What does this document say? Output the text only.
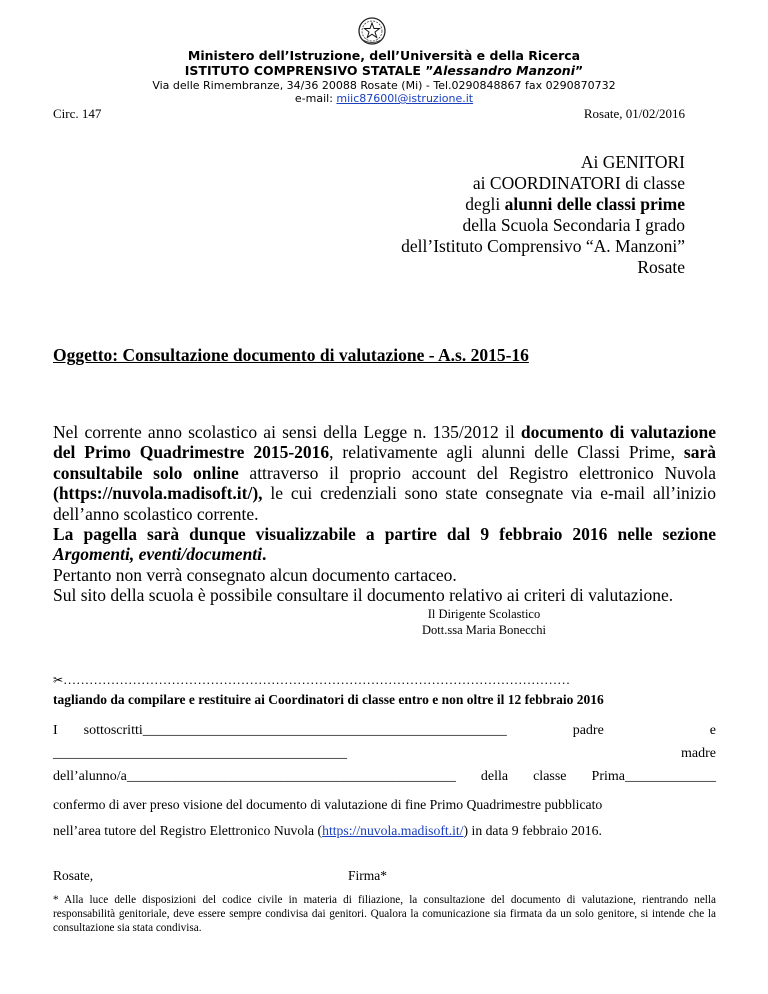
Ministero dell’Istruzione, dell’Università e della Ricerca
ISTITUTO COMPRENSIVO STATALE ”Alessandro Manzoni”
Via delle Rimembranze, 34/36 20088 Rosate (Mi) - Tel.0290848867 fax 0290870732
e-mail: miic87600l@istruzione.it
Circ. 147	Rosate, 01/02/2016
Ai GENITORI
ai COORDINATORI di classe
degli alunni delle classi prime
della Scuola Secondaria I grado
dell’Istituto Comprensivo “A. Manzoni”
Rosate
Oggetto: Consultazione documento di valutazione - A.s. 2015-16
Nel corrente anno scolastico ai sensi della Legge n. 135/2012 il documento di valutazione del Primo Quadrimestre 2015-2016, relativamente agli alunni delle Classi Prime, sarà consultabile solo online attraverso il proprio account del Registro elettronico Nuvola (https://nuvola.madisoft.it/), le cui credenziali sono state consegnate via e-mail all’inizio dell’anno scolastico corrente.
La pagella sarà dunque visualizzabile a partire dal 9 febbraio 2016 nelle sezione Argomenti, eventi/documenti.
Pertanto non verrà consegnato alcun documento cartaceo.
Sul sito della scuola è possibile consultare il documento relativo ai criteri di valutazione.
Il Dirigente Scolastico
Dott.ssa Maria Bonecchi
✂………………………………………………………………………………………………………
tagliando da compilare e restituire ai Coordinatori di classe entro e non oltre il 12 febbraio 2016
I sottoscritti____________________________________________________	padre	e
__________________________________________	madre
dell’alunno/a_______________________________________________ della classe Prima_____________
confermo di aver preso visione del documento di valutazione di fine Primo Quadrimestre pubblicato
nell’area tutore del Registro Elettronico Nuvola (https://nuvola.madisoft.it/) in data 9 febbraio 2016.
Rosate,	Firma*
* Alla luce delle disposizioni del codice civile in materia di filiazione, la consultazione del documento di valutazione, rientrando nella responsabilità genitoriale, deve essere sempre condivisa dai genitori. Qualora la comunicazione sia firmata da un solo genitore, si intende che la consultazione sia stata condivisa.
